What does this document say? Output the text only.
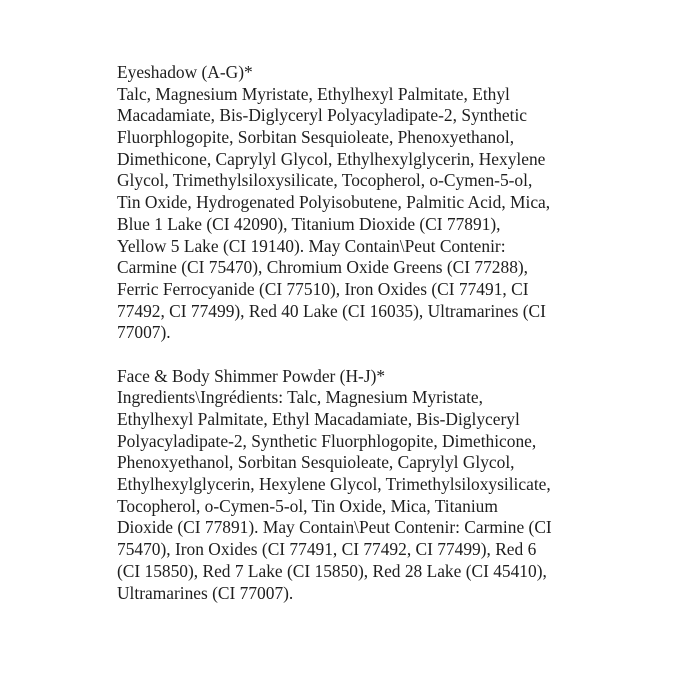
Eyeshadow (A-G)*
Talc, Magnesium Myristate, Ethylhexyl Palmitate, Ethyl
Macadamiate, Bis-Diglyceryl Polyacyladipate-2, Synthetic
Fluorphlogopite, Sorbitan Sesquioleate, Phenoxyethanol,
Dimethicone, Caprylyl Glycol, Ethylhexylglycerin, Hexylene
Glycol, Trimethylsiloxysilicate, Tocopherol, o-Cymen-5-ol,
Tin Oxide, Hydrogenated Polyisobutene, Palmitic Acid, Mica,
Blue 1 Lake (CI 42090), Titanium Dioxide (CI 77891),
Yellow 5 Lake (CI 19140). May Contain\Peut Contenir:
Carmine (CI 75470), Chromium Oxide Greens (CI 77288),
Ferric Ferrocyanide (CI 77510), Iron Oxides (CI 77491, CI
77492, CI 77499), Red 40 Lake (CI 16035), Ultramarines (CI
77007).
Face & Body Shimmer Powder (H-J)*
Ingredients\Ingrédients: Talc, Magnesium Myristate,
Ethylhexyl Palmitate, Ethyl Macadamiate, Bis-Diglyceryl
Polyacyladipate-2, Synthetic Fluorphlogopite, Dimethicone,
Phenoxyethanol, Sorbitan Sesquioleate, Caprylyl Glycol,
Ethylhexylglycerin, Hexylene Glycol, Trimethylsiloxysilicate,
Tocopherol, o-Cymen-5-ol, Tin Oxide, Mica, Titanium
Dioxide (CI 77891). May Contain\Peut Contenir: Carmine (CI
75470), Iron Oxides (CI 77491, CI 77492, CI 77499), Red 6
(CI 15850), Red 7 Lake (CI 15850), Red 28 Lake (CI 45410),
Ultramarines (CI 77007).
